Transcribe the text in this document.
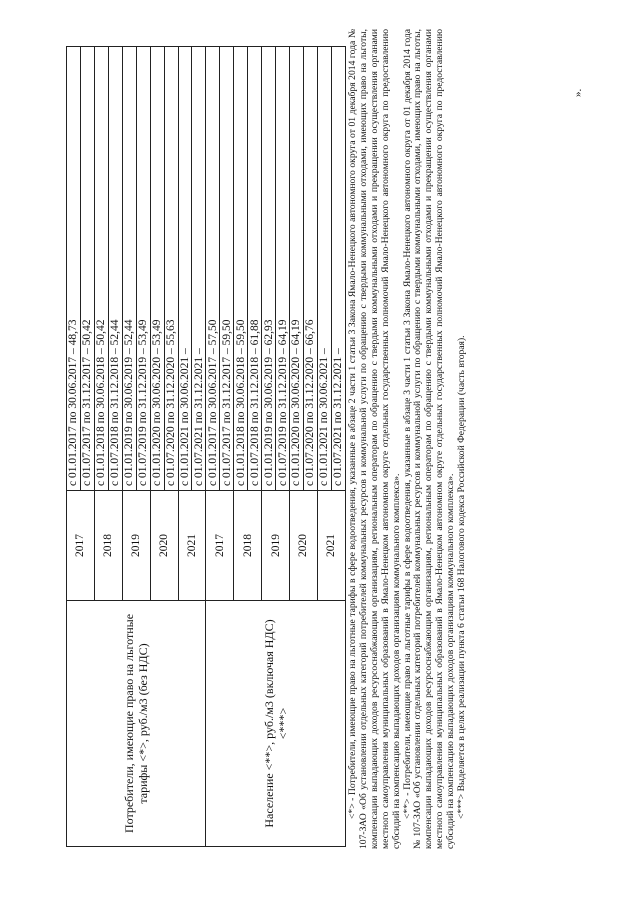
Потребители, имеющие право на льготные тарифы <*>, руб./м3 (без НДС)	2017	с 01.01.2017 по 30.06.2017 – 48,73
		с 01.07.2017 по 31.12.2017 – 50,42
	2018	с 01.01.2018 по 30.06.2018 – 50,42
		с 01.07.2018 по 31.12.2018 – 52,44
	2019	с 01.01.2019 по 30.06.2019 – 52,44
		с 01.07.2019 по 31.12.2019 – 53,49
	2020	с 01.01.2020 по 30.06.2020 – 53,49
		с 01.07.2020 по 31.12.2020 – 55,63
	2021	с 01.01.2021 по 30.06.2021 –
		с 01.07.2021 по 31.12.2021 –
Население <**>, руб./м3 (включая НДС) <***>	2017	с 01.01.2017 по 30.06.2017 – 57,50
		с 01.07.2017 по 31.12.2017 – 59,50
	2018	с 01.01.2018 по 30.06.2018 – 59,50
		с 01.07.2018 по 31.12.2018 – 61,88
	2019	с 01.01.2019 по 30.06.2019 – 62,93
		с 01.07.2019 по 31.12.2019 – 64,19
	2020	с 01.01.2020 по 30.06.2020 – 64,19
		с 01.07.2020 по 31.12.2020 – 66,76
	2021	с 01.01.2021 по 30.06.2021 –
		с 01.07.2021 по 31.12.2021 – <*> - Потребители, имеющие право на льготные тарифы в сфере водоотведения, указанные в абзаце 2 части 1 статьи 3 Закона Ямало-Ненецкого автономного округа от 01 декабря 2014 года № 107-ЗАО «Об установлении отдельных категорий потребителей коммунальных ресурсов и коммунальной услуги по обращению с твердыми коммунальными отходами, имеющих право на льготы, компенсации выпадающих доходов ресурсоснабжающим организациям, региональным операторам по обращению с твердыми коммунальными отходами и прекращении осуществления органами местного самоуправления муниципальных образований в Ямало-Ненецком автономном округе отдельных государственных полномочий Ямало-Ненецкого автономного округа по предоставлению субсидий на компенсацию выпадающих доходов организациям коммунального комплекса». <**> - Потребители, имеющие право на льготные тарифы в сфере водоотведения, указанные в абзаце 3 части 1 статьи 3 Закона Ямало-Ненецкого автономного округа от 01 декабря 2014 года № 107-ЗАО «Об установлении отдельных категорий потребителей коммунальных ресурсов и коммунальной услуги по обращению с твердыми коммунальными отходами, имеющих право на льготы, компенсации выпадающих доходов ресурсоснабжающим организациям, региональным операторам по обращению с твердыми коммунальными отходами и прекращении осуществления органами местного самоуправления муниципальных образований в Ямало-Ненецком автономном округе отдельных государственных полномочий Ямало-Ненецкого автономного округа по предоставлению субсидий на компенсацию выпадающих доходов организациям коммунального комплекса». <***> Выделяется в целях реализации пункта 6 статьи 168 Налогового кодекса Российской Федерации (часть вторая).

».
